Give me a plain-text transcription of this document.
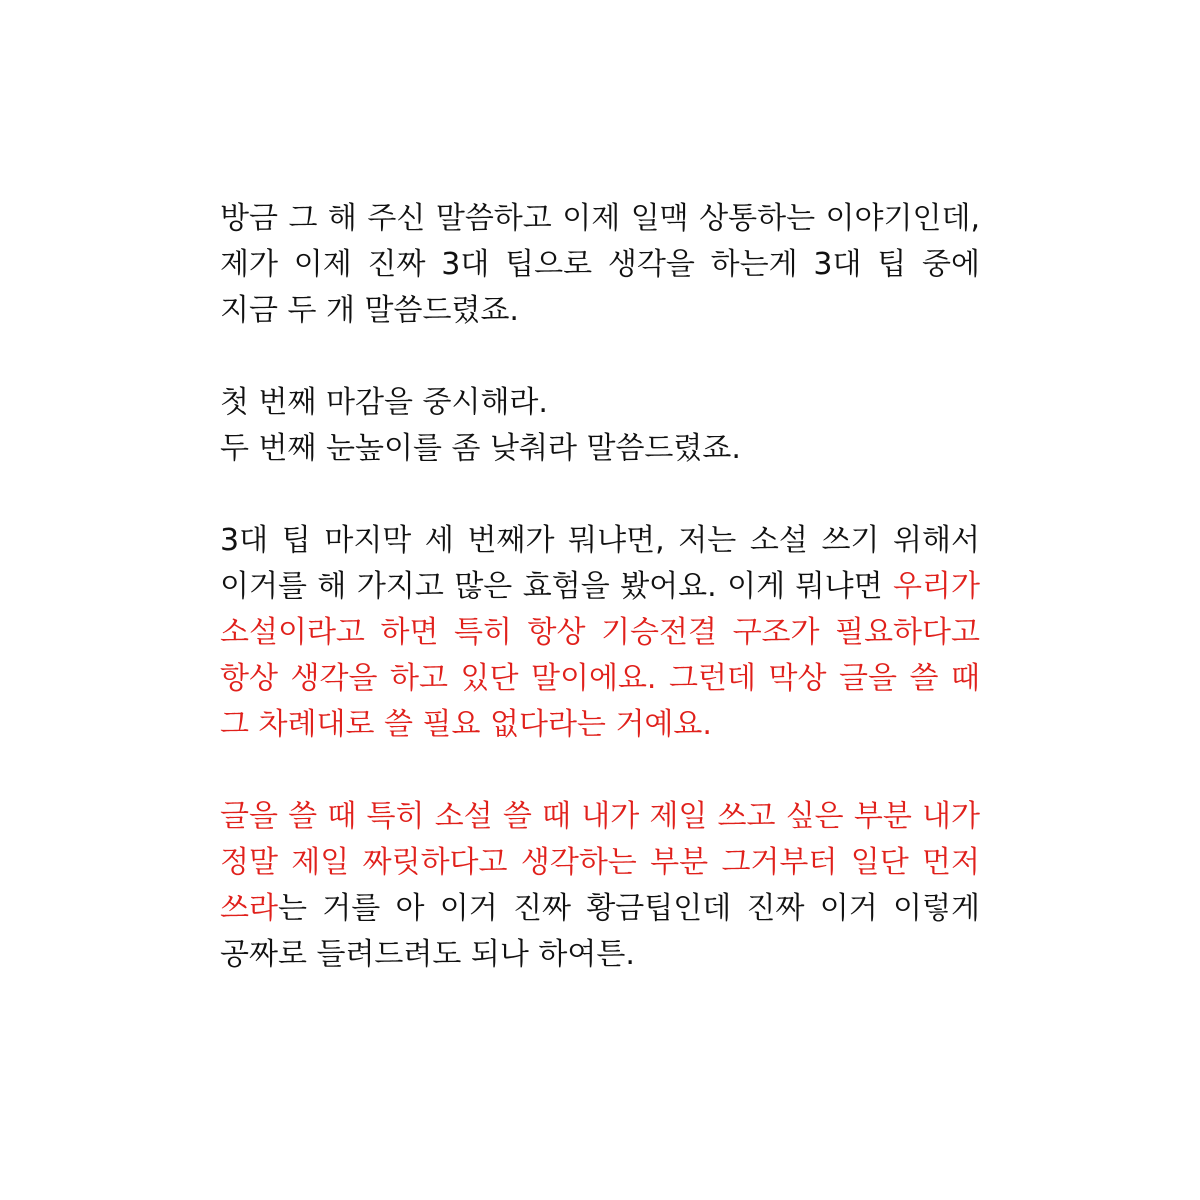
방금 그 해 주신 말씀하고 이제 일맥 상통하는 이야기인데, 제가 이제 진짜 3대 팁으로 생각을 하는게 3대 팁 중에 지금 두 개 말씀드렸죠.

첫 번째 마감을 중시해라.
두 번째 눈높이를 좀 낮춰라 말씀드렸죠.

3대 팁 마지막 세 번째가 뭐냐면, 저는 소설 쓰기 위해서 이거를 해 가지고 많은 효험을 봤어요. 이게 뭐냐면 우리가 소설이라고 하면 특히 항상 기승전결 구조가 필요하다고 항상 생각을 하고 있단 말이에요. 그런데 막상 글을 쓸 때 그 차례대로 쓸 필요 없다라는 거예요.

글을 쓸 때 특히 소설 쓸 때 내가 제일 쓰고 싶은 부분 내가 정말 제일 짜릿하다고 생각하는 부분 그거부터 일단 먼저 쓰라는 거를 아 이거 진짜 황금팁인데 진짜 이거 이렇게 공짜로 들려드려도 되나 하여튼.
